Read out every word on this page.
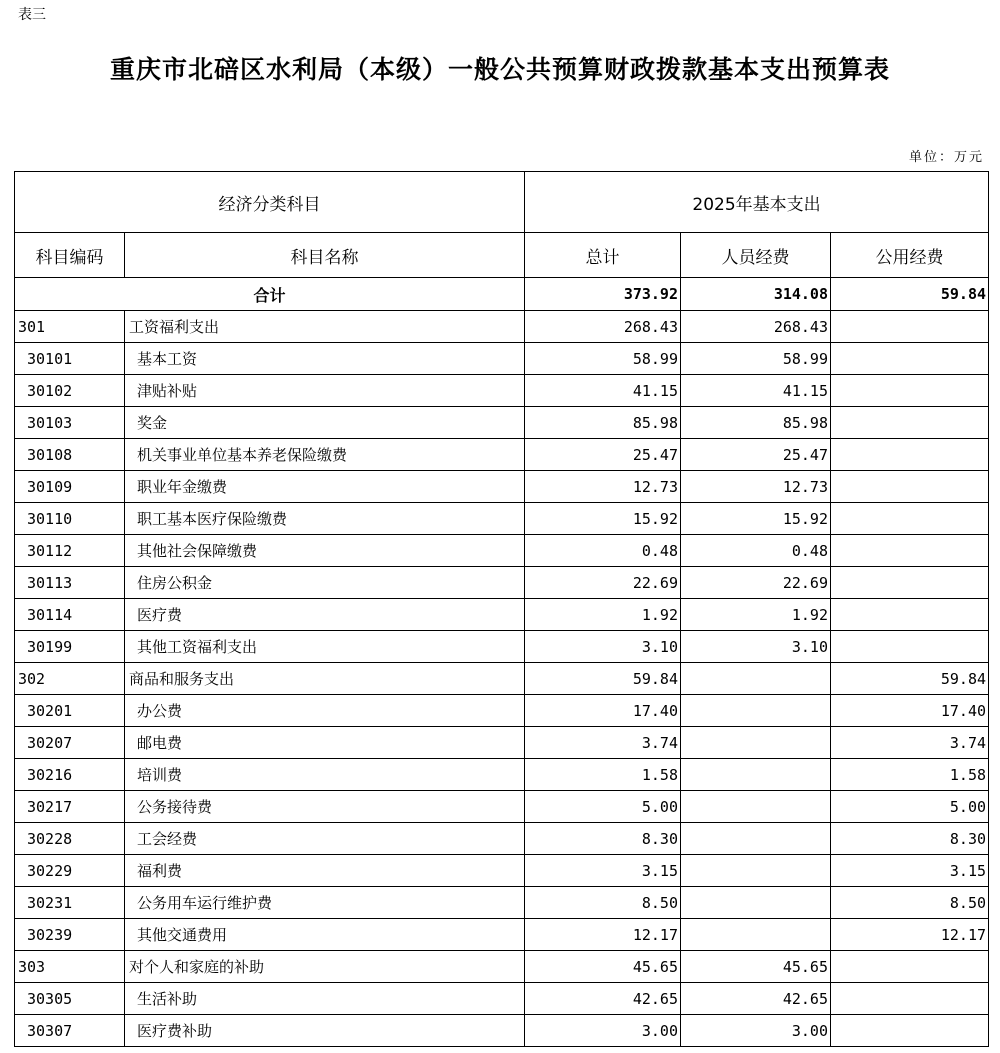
表三
重庆市北碚区水利局（本级）一般公共预算财政拨款基本支出预算表
单位：万元
经济分类科目		2025年基本支出		
科目编码	科目名称	总计	人员经费	公用经费
合计		373.92	314.08	59.84
301	工资福利支出	268.43	268.43	
30101	基本工资	58.99	58.99	
30102	津贴补贴	41.15	41.15	
30103	奖金	85.98	85.98	
30108	机关事业单位基本养老保险缴费	25.47	25.47	
30109	职业年金缴费	12.73	12.73	
30110	职工基本医疗保险缴费	15.92	15.92	
30112	其他社会保障缴费	0.48	0.48	
30113	住房公积金	22.69	22.69	
30114	医疗费	1.92	1.92	
30199	其他工资福利支出	3.10	3.10	
302	商品和服务支出	59.84		59.84
30201	办公费	17.40		17.40
30207	邮电费	3.74		3.74
30216	培训费	1.58		1.58
30217	公务接待费	5.00		5.00
30228	工会经费	8.30		8.30
30229	福利费	3.15		3.15
30231	公务用车运行维护费	8.50		8.50
30239	其他交通费用	12.17		12.17
303	对个人和家庭的补助	45.65	45.65	
30305	生活补助	42.65	42.65	
30307	医疗费补助	3.00	3.00	
